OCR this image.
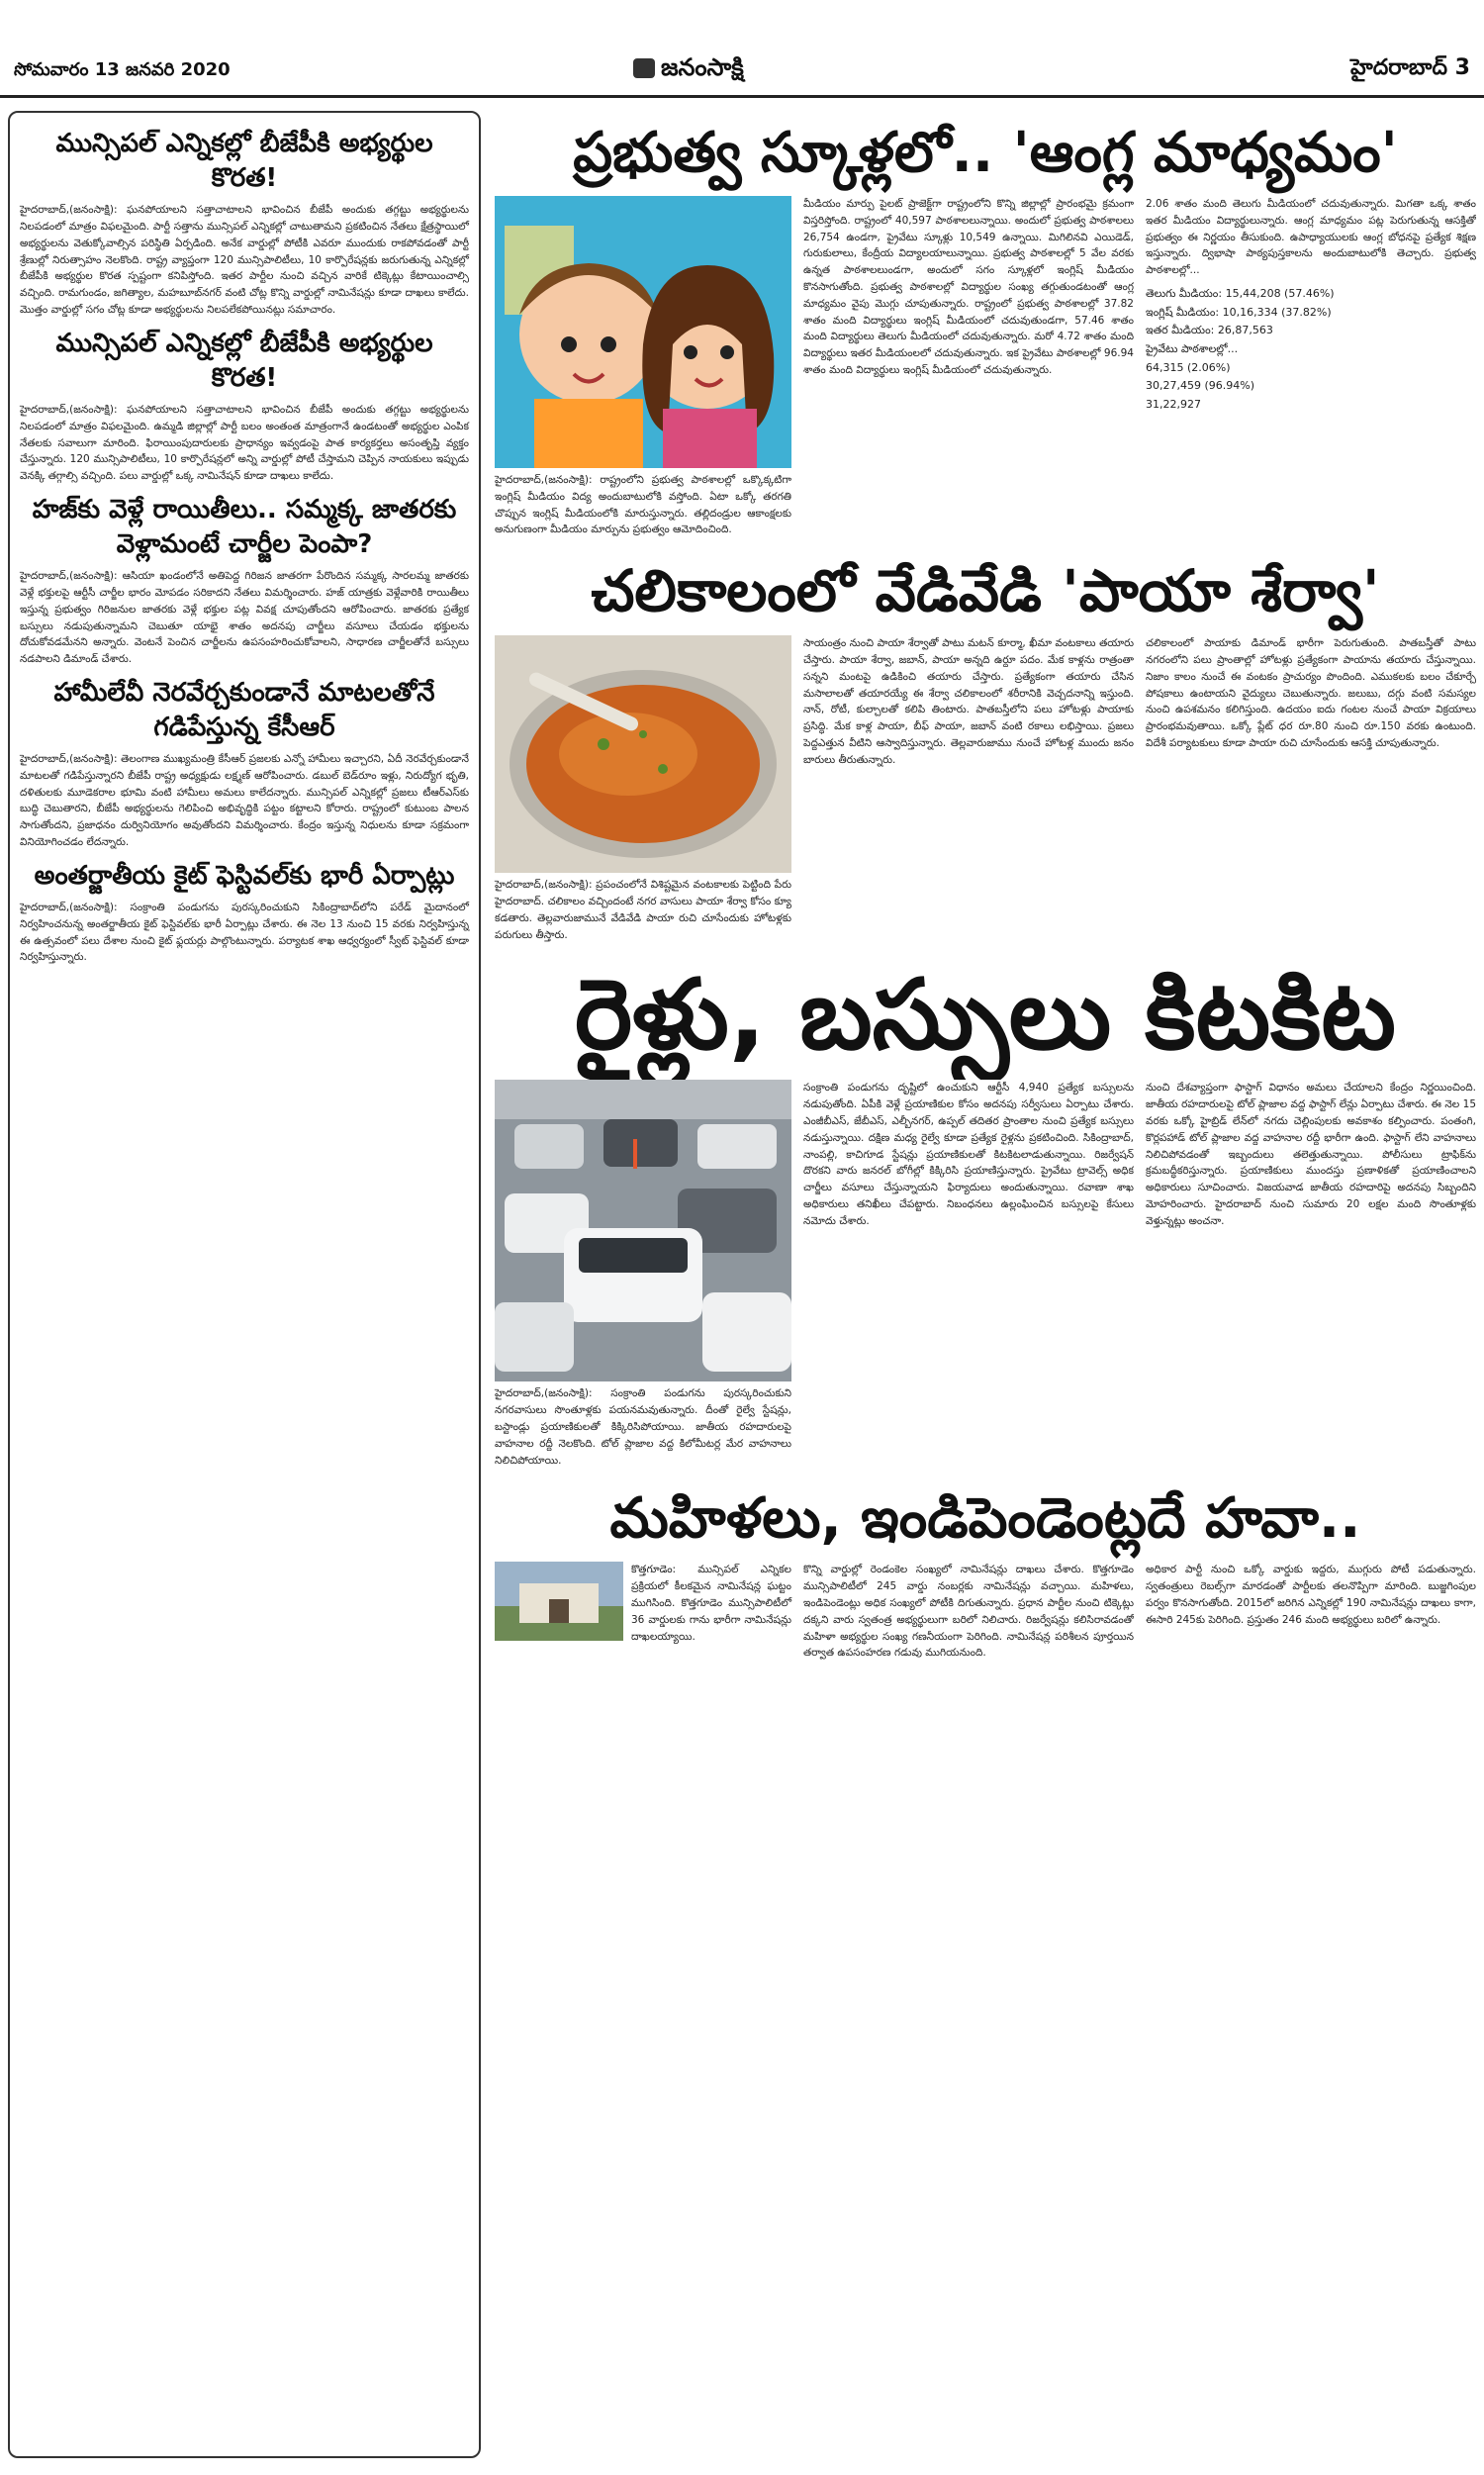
సోమవారం 13 జనవరి 2020	జనంసాక్షి	హైదరాబాద్ 3
మున్సిపల్ ఎన్నికల్లో బీజేపీకి అభ్యర్థుల కొరత!

హైదరాబాద్,(జనంసాక్షి): ఘనపోయాలని సత్తాచాటాలని భావించిన బీజేపీ అందుకు తగ్గట్టు అభ్యర్థులను నిలపడంలో మాత్రం విఫలమైంది. పార్టీ సత్తాను మున్సిపల్ ఎన్నికల్లో చాటుతామని ప్రకటించిన నేతలు క్షేత్రస్థాయిలో అభ్యర్థులను వెతుక్కోవాల్సిన పరిస్థితి ఏర్పడింది. అనేక వార్డుల్లో పోటీకి ఎవరూ ముందుకు రాకపోవడంతో పార్టీ శ్రేణుల్లో నిరుత్సాహం నెలకొంది. రాష్ట్ర వ్యాప్తంగా 120 మున్సిపాలిటీలు, 10 కార్పొరేషన్లకు జరుగుతున్న ఎన్నికల్లో బీజేపీకి అభ్యర్థుల కొరత స్పష్టంగా కనిపిస్తోంది. ఇతర పార్టీల నుంచి వచ్చిన వారికే టిక్కెట్లు కేటాయించాల్సి వచ్చింది. రామగుండం, జగిత్యాల, మహబూబ్‌నగర్ వంటి చోట్ల కొన్ని వార్డుల్లో నామినేషన్లు కూడా దాఖలు కాలేదు. మొత్తం వార్డుల్లో సగం చోట్ల కూడా అభ్యర్థులను నిలపలేకపోయినట్లు సమాచారం.

మున్సిపల్ ఎన్నికల్లో బీజేపీకి అభ్యర్థుల కొరత!

హైదరాబాద్,(జనంసాక్షి): ఘనపోయాలని సత్తాచాటాలని భావించిన బీజేపీ అందుకు తగ్గట్టు అభ్యర్థులను నిలపడంలో మాత్రం విఫలమైంది. ఉమ్మడి జిల్లాల్లో పార్టీ బలం అంతంత మాత్రంగానే ఉండటంతో అభ్యర్థుల ఎంపిక నేతలకు సవాలుగా మారింది. ఫిరాయింపుదారులకు ప్రాధాన్యం ఇవ్వడంపై పాత కార్యకర్తలు అసంతృప్తి వ్యక్తం చేస్తున్నారు. 120 మున్సిపాలిటీలు, 10 కార్పొరేషన్లలో అన్ని వార్డుల్లో పోటీ చేస్తామని చెప్పిన నాయకులు ఇప్పుడు వెనక్కి తగ్గాల్సి వచ్చింది. పలు వార్డుల్లో ఒక్క నామినేషన్ కూడా దాఖలు కాలేదు.

హజ్‌కు వెళ్లే రాయితీలు.. సమ్మక్క జాతరకు వెళ్లామంటే చార్జీల పెంపా?

హైదరాబాద్,(జనంసాక్షి): ఆసియా ఖండంలోనే అతిపెద్ద గిరిజన జాతరగా పేరొందిన సమ్మక్క సారలమ్మ జాతరకు వెళ్లే భక్తులపై ఆర్టీసీ చార్జీల భారం మోపడం సరికాదని నేతలు విమర్శించారు. హజ్ యాత్రకు వెళ్లేవారికి రాయితీలు ఇస్తున్న ప్రభుత్వం గిరిజనుల జాతరకు వెళ్లే భక్తుల పట్ల వివక్ష చూపుతోందని ఆరోపించారు. జాతరకు ప్రత్యేక బస్సులు నడుపుతున్నామని చెబుతూ యాభై శాతం అదనపు చార్జీలు వసూలు చేయడం భక్తులను దోచుకోవడమేనని అన్నారు. వెంటనే పెంచిన చార్జీలను ఉపసంహరించుకోవాలని, సాధారణ చార్జీలతోనే బస్సులు నడపాలని డిమాండ్ చేశారు.

హామీలేవీ నెరవేర్చకుండానే మాటలతోనే గడిపేస్తున్న కేసీఆర్

హైదరాబాద్,(జనంసాక్షి): తెలంగాణ ముఖ్యమంత్రి కేసీఆర్ ప్రజలకు ఎన్నో హామీలు ఇచ్చారని, ఏదీ నెరవేర్చకుండానే మాటలతో గడిపేస్తున్నారని బీజేపీ రాష్ట్ర అధ్యక్షుడు లక్ష్మణ్ ఆరోపించారు. డబుల్ బెడ్‌రూం ఇళ్లు, నిరుద్యోగ భృతి, దళితులకు మూడెకరాల భూమి వంటి హామీలు అమలు కాలేదన్నారు. మున్సిపల్ ఎన్నికల్లో ప్రజలు టీఆర్ఎస్‌కు బుద్ధి చెబుతారని, బీజేపీ అభ్యర్థులను గెలిపించి అభివృద్ధికి పట్టం కట్టాలని కోరారు. రాష్ట్రంలో కుటుంబ పాలన సాగుతోందని, ప్రజాధనం దుర్వినియోగం అవుతోందని విమర్శించారు. కేంద్రం ఇస్తున్న నిధులను కూడా సక్రమంగా వినియోగించడం లేదన్నారు.

అంతర్జాతీయ కైట్ ఫెస్టివల్‌కు భారీ ఏర్పాట్లు

హైదరాబాద్,(జనంసాక్షి): సంక్రాంతి పండుగను పురస్కరించుకుని సికింద్రాబాద్‌లోని పరేడ్ మైదానంలో నిర్వహించనున్న అంతర్జాతీయ కైట్ ఫెస్టివల్‌కు భారీ ఏర్పాట్లు చేశారు. ఈ నెల 13 నుంచి 15 వరకు నిర్వహిస్తున్న ఈ ఉత్సవంలో పలు దేశాల నుంచి కైట్ ఫ్లయర్లు పాల్గొంటున్నారు. పర్యాటక శాఖ ఆధ్వర్యంలో స్వీట్ ఫెస్టివల్ కూడా నిర్వహిస్తున్నారు.

ప్రభుత్వ స్కూళ్లలో.. 'ఆంగ్ల మాధ్యమం'
హైదరాబాద్,(జనంసాక్షి): రాష్ట్రంలోని ప్రభుత్వ పాఠశాలల్లో ఒక్కొక్కటిగా ఇంగ్లిష్ మీడియం విద్య అందుబాటులోకి వస్తోంది. ఏటా ఒక్కో తరగతి చొప్పున ఇంగ్లిష్ మీడియంలోకి మారుస్తున్నారు. తల్లిదండ్రుల ఆకాంక్షలకు అనుగుణంగా మీడియం మార్పును ప్రభుత్వం ఆమోదించింది.
మీడియం మార్పు పైలట్ ప్రాజెక్ట్‌గా రాష్ట్రంలోని కొన్ని జిల్లాల్లో ప్రారంభమై క్రమంగా విస్తరిస్తోంది. రాష్ట్రంలో 40,597 పాఠశాలలున్నాయి. అందులో ప్రభుత్వ పాఠశాలలు 26,754 ఉండగా, ప్రైవేటు స్కూళ్లు 10,549 ఉన్నాయి. మిగిలినవి ఎయిడెడ్, గురుకులాలు, కేంద్రీయ విద్యాలయాలున్నాయి. ప్రభుత్వ పాఠశాలల్లో 5 వేల వరకు ఉన్నత పాఠశాలలుండగా, అందులో సగం స్కూళ్లలో ఇంగ్లిష్ మీడియం కొనసాగుతోంది. ప్రభుత్వ పాఠశాలల్లో విద్యార్థుల సంఖ్య తగ్గుతుండటంతో ఆంగ్ల మాధ్యమం వైపు మొగ్గు చూపుతున్నారు. రాష్ట్రంలో ప్రభుత్వ పాఠశాలల్లో 37.82 శాతం మంది విద్యార్థులు ఇంగ్లిష్ మీడియంలో చదువుతుండగా, 57.46 శాతం మంది విద్యార్థులు తెలుగు మీడియంలో చదువుతున్నారు. మరో 4.72 శాతం మంది విద్యార్థులు ఇతర మీడియంలలో చదువుతున్నారు. ఇక ప్రైవేటు పాఠశాలల్లో 96.94 శాతం మంది విద్యార్థులు ఇంగ్లిష్ మీడియంలో చదువుతున్నారు.
2.06 శాతం మంది తెలుగు మీడియంలో చదువుతున్నారు. మిగతా ఒక్క శాతం ఇతర మీడియం విద్యార్థులున్నారు. ఆంగ్ల మాధ్యమం పట్ల పెరుగుతున్న ఆసక్తితో ప్రభుత్వం ఈ నిర్ణయం తీసుకుంది. ఉపాధ్యాయులకు ఆంగ్ల బోధనపై ప్రత్యేక శిక్షణ ఇస్తున్నారు. ద్విభాషా పాఠ్యపుస్తకాలను అందుబాటులోకి తెచ్చారు. ప్రభుత్వ పాఠశాలల్లో...
తెలుగు మీడియం: 15,44,208 (57.46%)
ఇంగ్లిష్ మీడియం: 10,16,334 (37.82%)
ఇతర మీడియం: 26,87,563
ప్రైవేటు పాఠశాలల్లో...
64,315 (2.06%)
30,27,459 (96.94%)
31,22,927
చలికాలంలో వేడివేడి 'పాయా శేర్వా'
హైదరాబాద్,(జనంసాక్షి): ప్రపంచంలోనే విశిష్టమైన వంటకాలకు పెట్టింది పేరు హైదరాబాద్. చలికాలం వచ్చిందంటే నగర వాసులు పాయా శేర్వా కోసం క్యూ కడతారు. తెల్లవారుజామునే వేడివేడి పాయా రుచి చూసేందుకు హోటళ్లకు పరుగులు తీస్తారు.
సాయంత్రం నుంచి పాయా శేర్వాతో పాటు మటన్ కూర్మా, ఖీమా వంటకాలు తయారు చేస్తారు. పాయా శేర్వా, జబాన్, పాయా అన్నది ఉర్దూ పదం. మేక కాళ్లను రాత్రంతా సన్నని మంటపై ఉడికించి తయారు చేస్తారు. ప్రత్యేకంగా తయారు చేసిన మసాలాలతో తయారయ్యే ఈ శేర్వా చలికాలంలో శరీరానికి వెచ్చదనాన్ని ఇస్తుంది. నాన్, రోటీ, కుల్చాలతో కలిపి తింటారు. పాతబస్తీలోని పలు హోటళ్లు పాయాకు ప్రసిద్ధి. మేక కాళ్ల పాయా, బీఫ్ పాయా, జబాన్ వంటి రకాలు లభిస్తాయి. ప్రజలు పెద్దఎత్తున వీటిని ఆస్వాదిస్తున్నారు. తెల్లవారుజాము నుంచే హోటళ్ల ముందు జనం బారులు తీరుతున్నారు.
చలికాలంలో పాయాకు డిమాండ్ భారీగా పెరుగుతుంది. పాతబస్తీతో పాటు నగరంలోని పలు ప్రాంతాల్లో హోటళ్లు ప్రత్యేకంగా పాయాను తయారు చేస్తున్నాయి. నిజాం కాలం నుంచే ఈ వంటకం ప్రాచుర్యం పొందింది. ఎముకలకు బలం చేకూర్చే పోషకాలు ఉంటాయని వైద్యులు చెబుతున్నారు. జలుబు, దగ్గు వంటి సమస్యల నుంచి ఉపశమనం కలిగిస్తుంది. ఉదయం ఐదు గంటల నుంచే పాయా విక్రయాలు ప్రారంభమవుతాయి. ఒక్కో ప్లేట్ ధర రూ.80 నుంచి రూ.150 వరకు ఉంటుంది. విదేశీ పర్యాటకులు కూడా పాయా రుచి చూసేందుకు ఆసక్తి చూపుతున్నారు.
రైళ్లు, బస్సులు కిటకిట
హైదరాబాద్,(జనంసాక్షి): సంక్రాంతి పండుగను పురస్కరించుకుని నగరవాసులు సొంతూళ్లకు పయనమవుతున్నారు. దీంతో రైల్వే స్టేషన్లు, బస్టాండ్లు ప్రయాణికులతో కిక్కిరిసిపోయాయి. జాతీయ రహదారులపై వాహనాల రద్దీ నెలకొంది. టోల్ ప్లాజాల వద్ద కిలోమీటర్ల మేర వాహనాలు నిలిచిపోయాయి.
సంక్రాంతి పండుగను దృష్టిలో ఉంచుకుని ఆర్టీసీ 4,940 ప్రత్యేక బస్సులను నడుపుతోంది. ఏపీకి వెళ్లే ప్రయాణికుల కోసం అదనపు సర్వీసులు ఏర్పాటు చేశారు. ఎంజీబీఎస్, జేబీఎస్, ఎల్బీనగర్, ఉప్పల్ తదితర ప్రాంతాల నుంచి ప్రత్యేక బస్సులు నడుస్తున్నాయి. దక్షిణ మధ్య రైల్వే కూడా ప్రత్యేక రైళ్లను ప్రకటించింది. సికింద్రాబాద్, నాంపల్లి, కాచిగూడ స్టేషన్లు ప్రయాణికులతో కిటకిటలాడుతున్నాయి. రిజర్వేషన్ దొరకని వారు జనరల్ బోగీల్లో కిక్కిరిసి ప్రయాణిస్తున్నారు. ప్రైవేటు ట్రావెల్స్ అధిక చార్జీలు వసూలు చేస్తున్నాయని ఫిర్యాదులు అందుతున్నాయి. రవాణా శాఖ అధికారులు తనిఖీలు చేపట్టారు. నిబంధనలు ఉల్లంఘించిన బస్సులపై కేసులు నమోదు చేశారు.
నుంచి దేశవ్యాప్తంగా ఫాస్టాగ్ విధానం అమలు చేయాలని కేంద్రం నిర్ణయించింది. జాతీయ రహదారులపై టోల్ ప్లాజాల వద్ద ఫాస్టాగ్ లేన్లు ఏర్పాటు చేశారు. ఈ నెల 15 వరకు ఒక్కో హైబ్రిడ్ లేన్‌లో నగదు చెల్లింపులకు అవకాశం కల్పించారు. పంతంగి, కొర్లపహాడ్ టోల్ ప్లాజాల వద్ద వాహనాల రద్దీ భారీగా ఉంది. ఫాస్టాగ్ లేని వాహనాలు నిలిచిపోవడంతో ఇబ్బందులు తలెత్తుతున్నాయి. పోలీసులు ట్రాఫిక్‌ను క్రమబద్ధీకరిస్తున్నారు. ప్రయాణికులు ముందస్తు ప్రణాళికతో ప్రయాణించాలని అధికారులు సూచించారు. విజయవాడ జాతీయ రహదారిపై అదనపు సిబ్బందిని మోహరించారు. హైదరాబాద్ నుంచి సుమారు 20 లక్షల మంది సొంతూళ్లకు వెళ్తున్నట్లు అంచనా.
మహిళలు, ఇండిపెండెంట్లదే హవా..
కొత్తగూడెం: మున్సిపల్ ఎన్నికల ప్రక్రియలో కీలకమైన నామినేషన్ల ఘట్టం ముగిసింది. కొత్తగూడెం మున్సిపాలిటీలో 36 వార్డులకు గాను భారీగా నామినేషన్లు దాఖలయ్యాయి.
కొన్ని వార్డుల్లో రెండంకెల సంఖ్యలో నామినేషన్లు దాఖలు చేశారు. కొత్తగూడెం మున్సిపాలిటీలో 245 వార్డు నంబర్లకు నామినేషన్లు వచ్చాయి. మహిళలు, ఇండిపెండెంట్లు అధిక సంఖ్యలో పోటీకి దిగుతున్నారు. ప్రధాన పార్టీల నుంచి టిక్కెట్లు దక్కని వారు స్వతంత్ర అభ్యర్థులుగా బరిలో నిలిచారు. రిజర్వేషన్లు కలిసిరావడంతో మహిళా అభ్యర్థుల సంఖ్య గణనీయంగా పెరిగింది. నామినేషన్ల పరిశీలన పూర్తయిన తర్వాత ఉపసంహరణ గడువు ముగియనుంది.
అధికార పార్టీ నుంచి ఒక్కో వార్డుకు ఇద్దరు, ముగ్గురు పోటీ పడుతున్నారు. స్వతంత్రులు రెబల్స్‌గా మారడంతో పార్టీలకు తలనొప్పిగా మారింది. బుజ్జగింపుల పర్వం కొనసాగుతోంది. 2015లో జరిగిన ఎన్నికల్లో 190 నామినేషన్లు దాఖలు కాగా, ఈసారి 245కు పెరిగింది. ప్రస్తుతం 246 మంది అభ్యర్థులు బరిలో ఉన్నారు.
